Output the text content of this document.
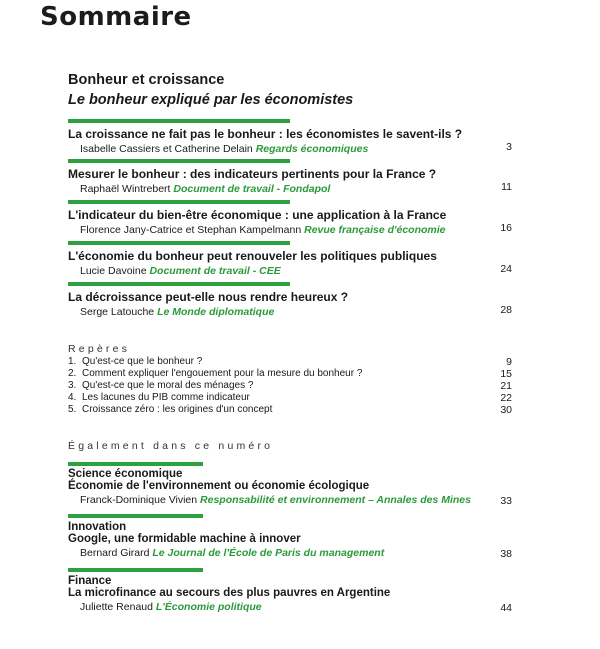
Sommaire
Bonheur et croissance
Le bonheur expliqué par les économistes
La croissance ne fait pas le bonheur : les économistes le savent-ils ?
Isabelle Cassiers et Catherine Delain Regards économiques	3
Mesurer le bonheur : des indicateurs pertinents pour la France ?
Raphaël Wintrebert Document de travail - Fondapol	11
L'indicateur du bien-être économique : une application à la France
Florence Jany-Catrice et Stephan Kampelmann Revue française d'économie	16
L'économie du bonheur peut renouveler les politiques publiques
Lucie Davoine Document de travail - CEE	24
La décroissance peut-elle nous rendre heureux ?
Serge Latouche Le Monde diplomatique	28
Repères
1. Qu'est-ce que le bonheur ?	9
2. Comment expliquer l'engouement pour la mesure du bonheur ?	15
3. Qu'est-ce que le moral des ménages ?	21
4. Les lacunes du PIB comme indicateur	22
5. Croissance zéro : les origines d'un concept	30
Également dans ce numéro
Science économique
Économie de l'environnement ou économie écologique
Franck-Dominique Vivien Responsabilité et environnement – Annales des Mines	33
Innovation
Google, une formidable machine à innover
Bernard Girard Le Journal de l'École de Paris du management	38
Finance
La microfinance au secours des plus pauvres en Argentine
Juliette Renaud L'Économie politique	44
